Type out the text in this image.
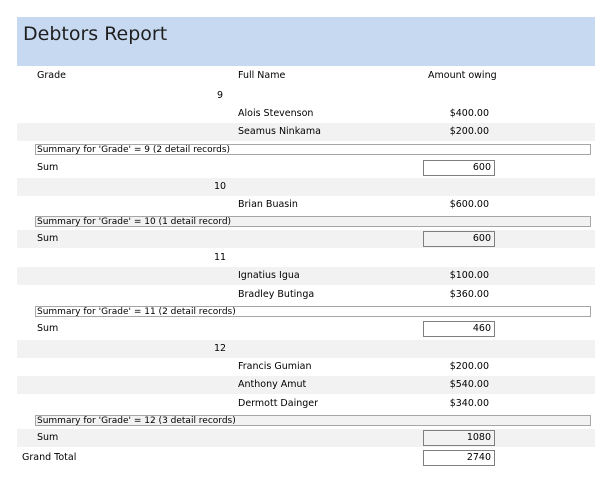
Debtors Report
Grade	Full Name	Amount owing
9
Alois Stevenson	$400.00
Seamus Ninkama	$200.00
Summary for 'Grade' = 9 (2 detail records)
Sum	600
10
Brian Buasin	$600.00
Summary for 'Grade' = 10 (1 detail record)
Sum	600
11
Ignatius Igua	$100.00
Bradley Butinga	$360.00
Summary for 'Grade' = 11 (2 detail records)
Sum	460
12
Francis Gumian	$200.00
Anthony Amut	$540.00
Dermott Dainger	$340.00
Summary for 'Grade' = 12 (3 detail records)
Sum	1080
Grand Total	2740
